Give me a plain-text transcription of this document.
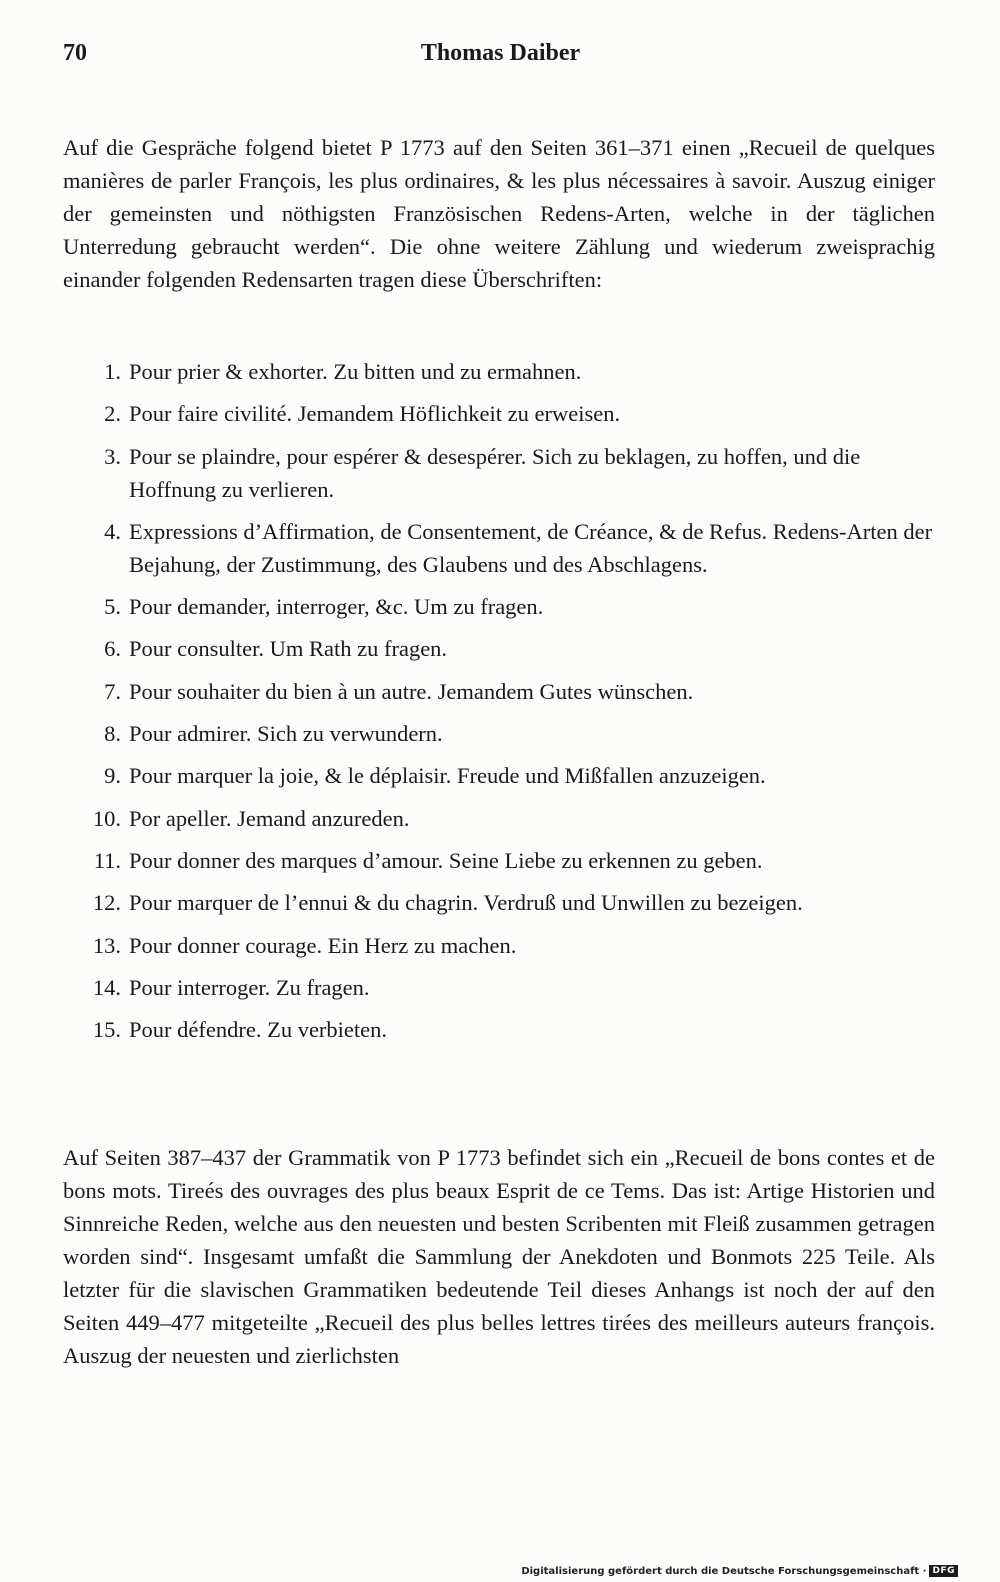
70	Thomas Daiber

Auf die Gespräche folgend bietet P 1773 auf den Seiten 361–371 einen „Recueil de quelques manières de parler François, les plus ordinaires, & les plus nécessaires à savoir. Auszug einiger der gemeinsten und nöthigsten Französischen Redens-Arten, welche in der täglichen Unterredung gebraucht werden“. Die ohne weitere Zählung und wiederum zweisprachig einander folgenden Redensarten tragen diese Überschriften:

1. Pour prier & exhorter. Zu bitten und zu ermahnen.
2. Pour faire civilité. Jemandem Höflichkeit zu erweisen.
3. Pour se plaindre, pour espérer & desespérer. Sich zu beklagen, zu hoffen, und die Hoffnung zu verlieren.
4. Expressions d’Affirmation, de Consentement, de Créance, & de Refus. Redens-Arten der Bejahung, der Zustimmung, des Glaubens und des Abschlagens.
5. Pour demander, interroger, &c. Um zu fragen.
6. Pour consulter. Um Rath zu fragen.
7. Pour souhaiter du bien à un autre. Jemandem Gutes wünschen.
8. Pour admirer. Sich zu verwundern.
9. Pour marquer la joie, & le déplaisir. Freude und Mißfallen anzuzeigen.
10. Por apeller. Jemand anzureden.
11. Pour donner des marques d’amour. Seine Liebe zu erkennen zu geben.
12. Pour marquer de l’ennui & du chagrin. Verdruß und Unwillen zu bezeigen.
13. Pour donner courage. Ein Herz zu machen.
14. Pour interroger. Zu fragen.
15. Pour défendre. Zu verbieten.

Auf Seiten 387–437 der Grammatik von P 1773 befindet sich ein „Recueil de bons contes et de bons mots. Tireés des ouvrages des plus beaux Esprit de ce Tems. Das ist: Artige Historien und Sinnreiche Reden, welche aus den neuesten und besten Scribenten mit Fleiß zusammen getragen worden sind“. Insgesamt umfaßt die Sammlung der Anekdoten und Bonmots 225 Teile. Als letzter für die slavischen Grammatiken bedeutende Teil dieses Anhangs ist noch der auf den Seiten 449–477 mitgeteilte „Recueil des plus belles lettres tirées des meilleurs auteurs françois. Auszug der neuesten und zierlichsten

Digitalisierung gefördert durch die Deutsche Forschungsgemeinschaft · DFG
